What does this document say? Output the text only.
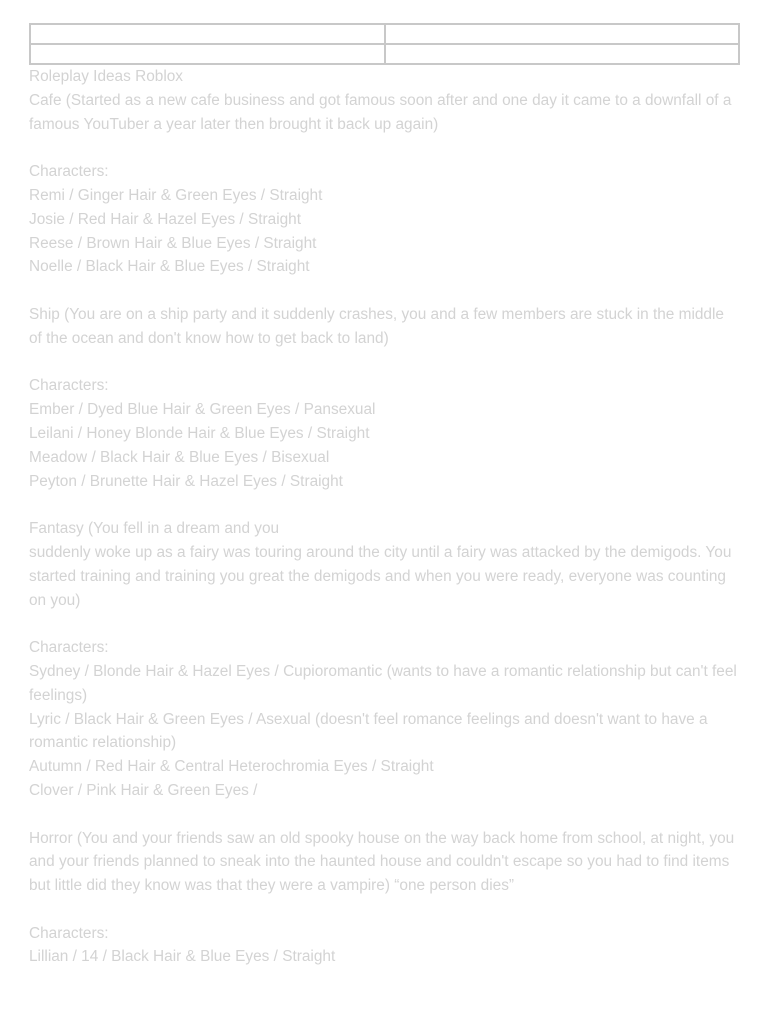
Roleplay Ideas Roblox
Cafe (Started as a new cafe business and got famous soon after and one day it came to a downfall of a famous YouTuber a year later then brought it back up again)
Characters:
Remi / Ginger Hair & Green Eyes / Straight
Josie / Red Hair & Hazel Eyes / Straight
Reese / Brown Hair & Blue Eyes / Straight
Noelle / Black Hair & Blue Eyes / Straight
Ship (You are on a ship party and it suddenly crashes, you and a few members are stuck in the middle of the ocean and don't know how to get back to land)
Characters:
Ember / Dyed Blue Hair & Green Eyes / Pansexual
Leilani / Honey Blonde Hair & Blue Eyes / Straight
Meadow / Black Hair & Blue Eyes / Bisexual
Peyton / Brunette Hair & Hazel Eyes / Straight
Fantasy (You fell in a dream and you
suddenly woke up as a fairy was touring around the city until a fairy was attacked by the demigods. You started training and training you great the demigods and when you were ready, everyone was counting on you)
Characters:
Sydney / Blonde Hair & Hazel Eyes / Cupioromantic (wants to have a romantic relationship but can't feel feelings)
Lyric / Black Hair & Green Eyes / Asexual (doesn't feel romance feelings and doesn't want to have a romantic relationship)
Autumn / Red Hair & Central Heterochromia Eyes / Straight
Clover / Pink Hair & Green Eyes /
Horror (You and your friends saw an old spooky house on the way back home from school, at night, you and your friends planned to sneak into the haunted house and couldn't escape so you had to find items but little did they know was that they were a vampire) “one person dies”
Characters:
Lillian / 14 / Black Hair & Blue Eyes / Straight
